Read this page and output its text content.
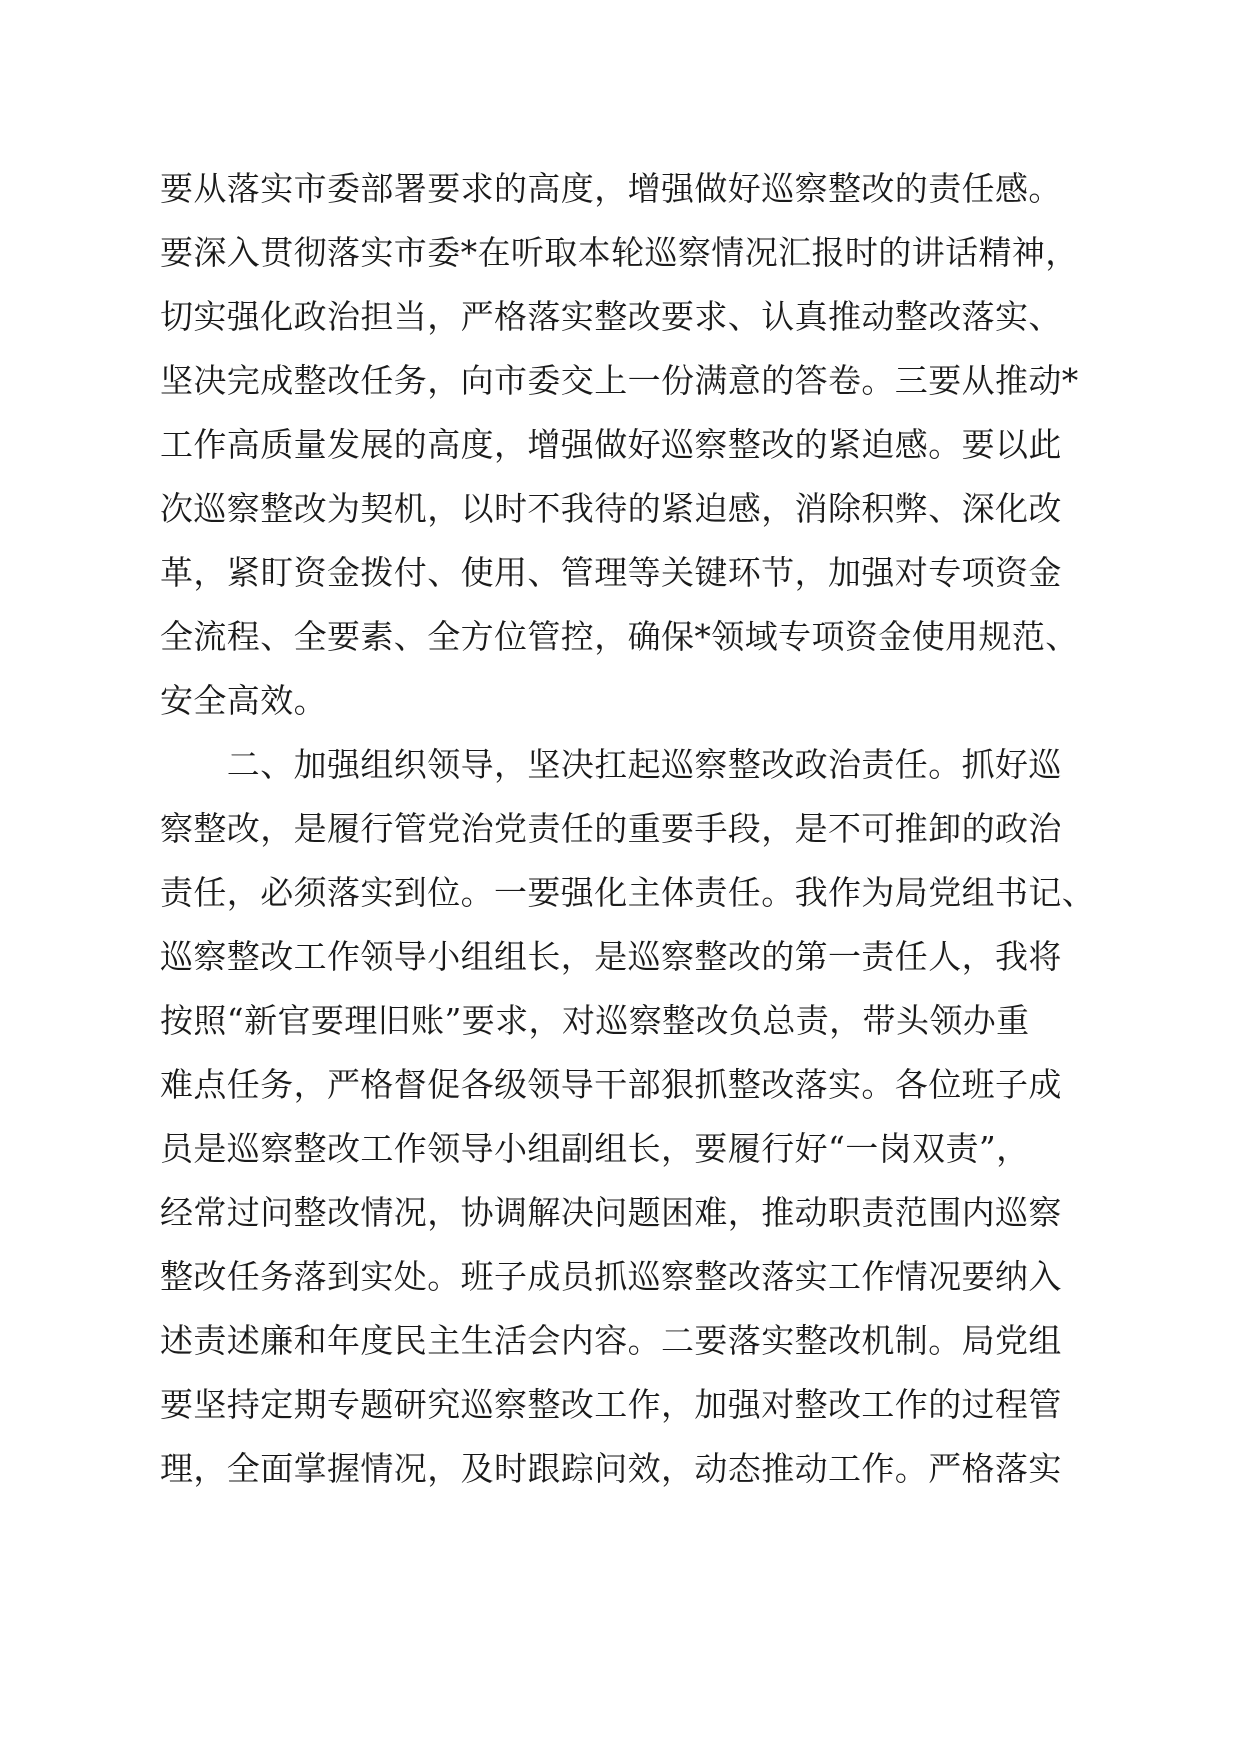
要从落实市委部署要求的高度，增强做好巡察整改的责任感。
要深入贯彻落实市委*在听取本轮巡察情况汇报时的讲话精神，
切实强化政治担当，严格落实整改要求、认真推动整改落实、
坚决完成整改任务，向市委交上一份满意的答卷。三要从推动*
工作高质量发展的高度，增强做好巡察整改的紧迫感。要以此
次巡察整改为契机，以时不我待的紧迫感，消除积弊、深化改
革，紧盯资金拨付、使用、管理等关键环节，加强对专项资金
全流程、全要素、全方位管控，确保*领域专项资金使用规范、
安全高效。
　　二、加强组织领导，坚决扛起巡察整改政治责任。抓好巡
察整改，是履行管党治党责任的重要手段，是不可推卸的政治
责任，必须落实到位。一要强化主体责任。我作为局党组书记、
巡察整改工作领导小组组长，是巡察整改的第一责任人，我将
按照“新官要理旧账”要求，对巡察整改负总责，带头领办重
难点任务，严格督促各级领导干部狠抓整改落实。各位班子成
员是巡察整改工作领导小组副组长，要履行好“一岗双责”，
经常过问整改情况，协调解决问题困难，推动职责范围内巡察
整改任务落到实处。班子成员抓巡察整改落实工作情况要纳入
述责述廉和年度民主生活会内容。二要落实整改机制。局党组
要坚持定期专题研究巡察整改工作，加强对整改工作的过程管
理，全面掌握情况，及时跟踪问效，动态推动工作。严格落实
